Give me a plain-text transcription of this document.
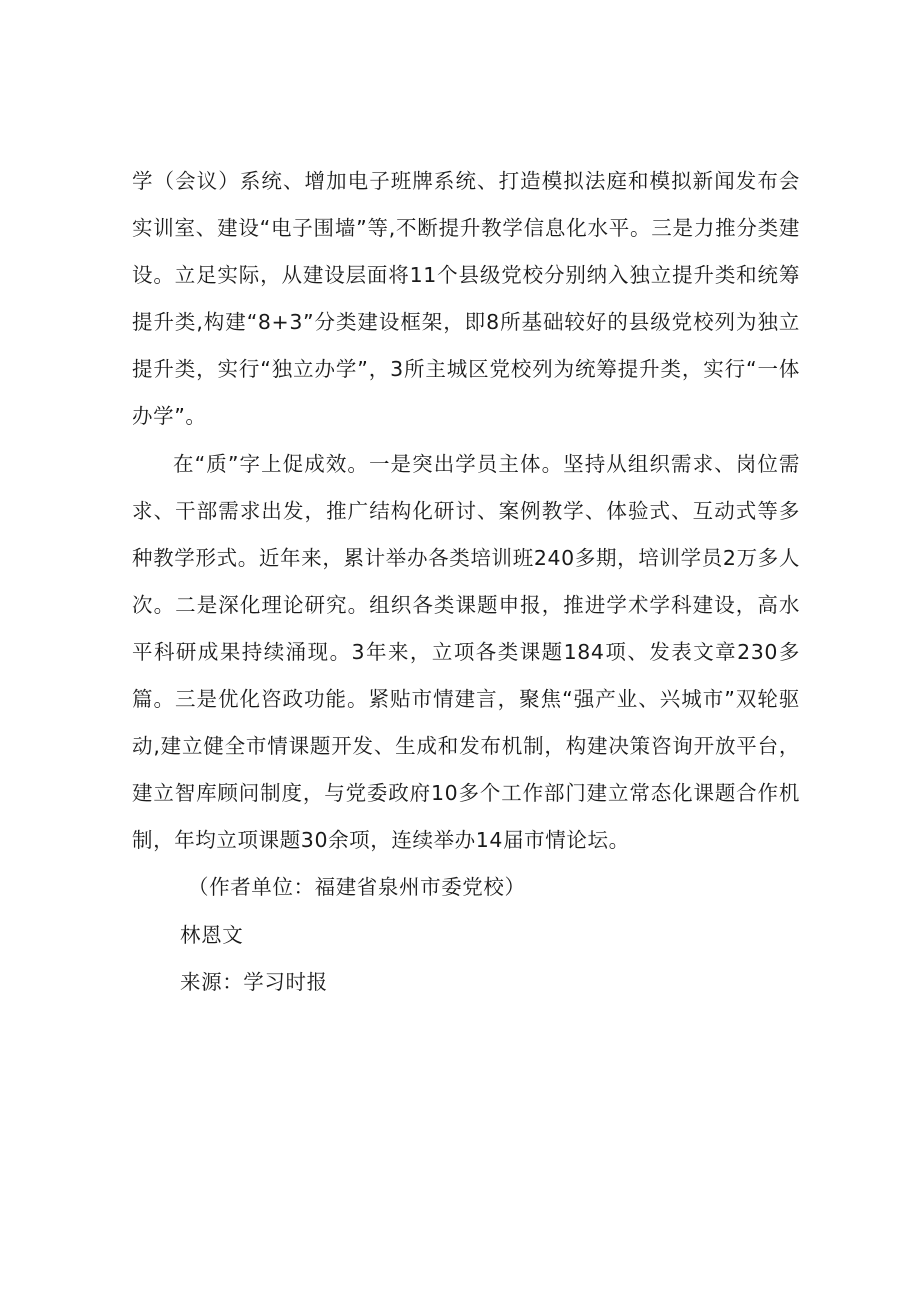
学（会议）系统、增加电子班牌系统、打造模拟法庭和模拟新闻发布会实训室、建设“电子围墙”等,不断提升教学信息化水平。三是力推分类建设。立足实际，从建设层面将11个县级党校分别纳入独立提升类和统筹提升类,构建“8+3”分类建设框架，即8所基础较好的县级党校列为独立提升类，实行“独立办学”，3所主城区党校列为统筹提升类，实行“一体办学”。

在“质”字上促成效。一是突出学员主体。坚持从组织需求、岗位需求、干部需求出发，推广结构化研讨、案例教学、体验式、互动式等多种教学形式。近年来，累计举办各类培训班240多期，培训学员2万多人次。二是深化理论研究。组织各类课题申报，推进学术学科建设，高水平科研成果持续涌现。3年来，立项各类课题184项、发表文章230多篇。三是优化咨政功能。紧贴市情建言，聚焦“强产业、兴城市”双轮驱动,建立健全市情课题开发、生成和发布机制，构建决策咨询开放平台，建立智库顾问制度，与党委政府10多个工作部门建立常态化课题合作机制，年均立项课题30余项，连续举办14届市情论坛。

（作者单位：福建省泉州市委党校）

林恩文

来源：学习时报
